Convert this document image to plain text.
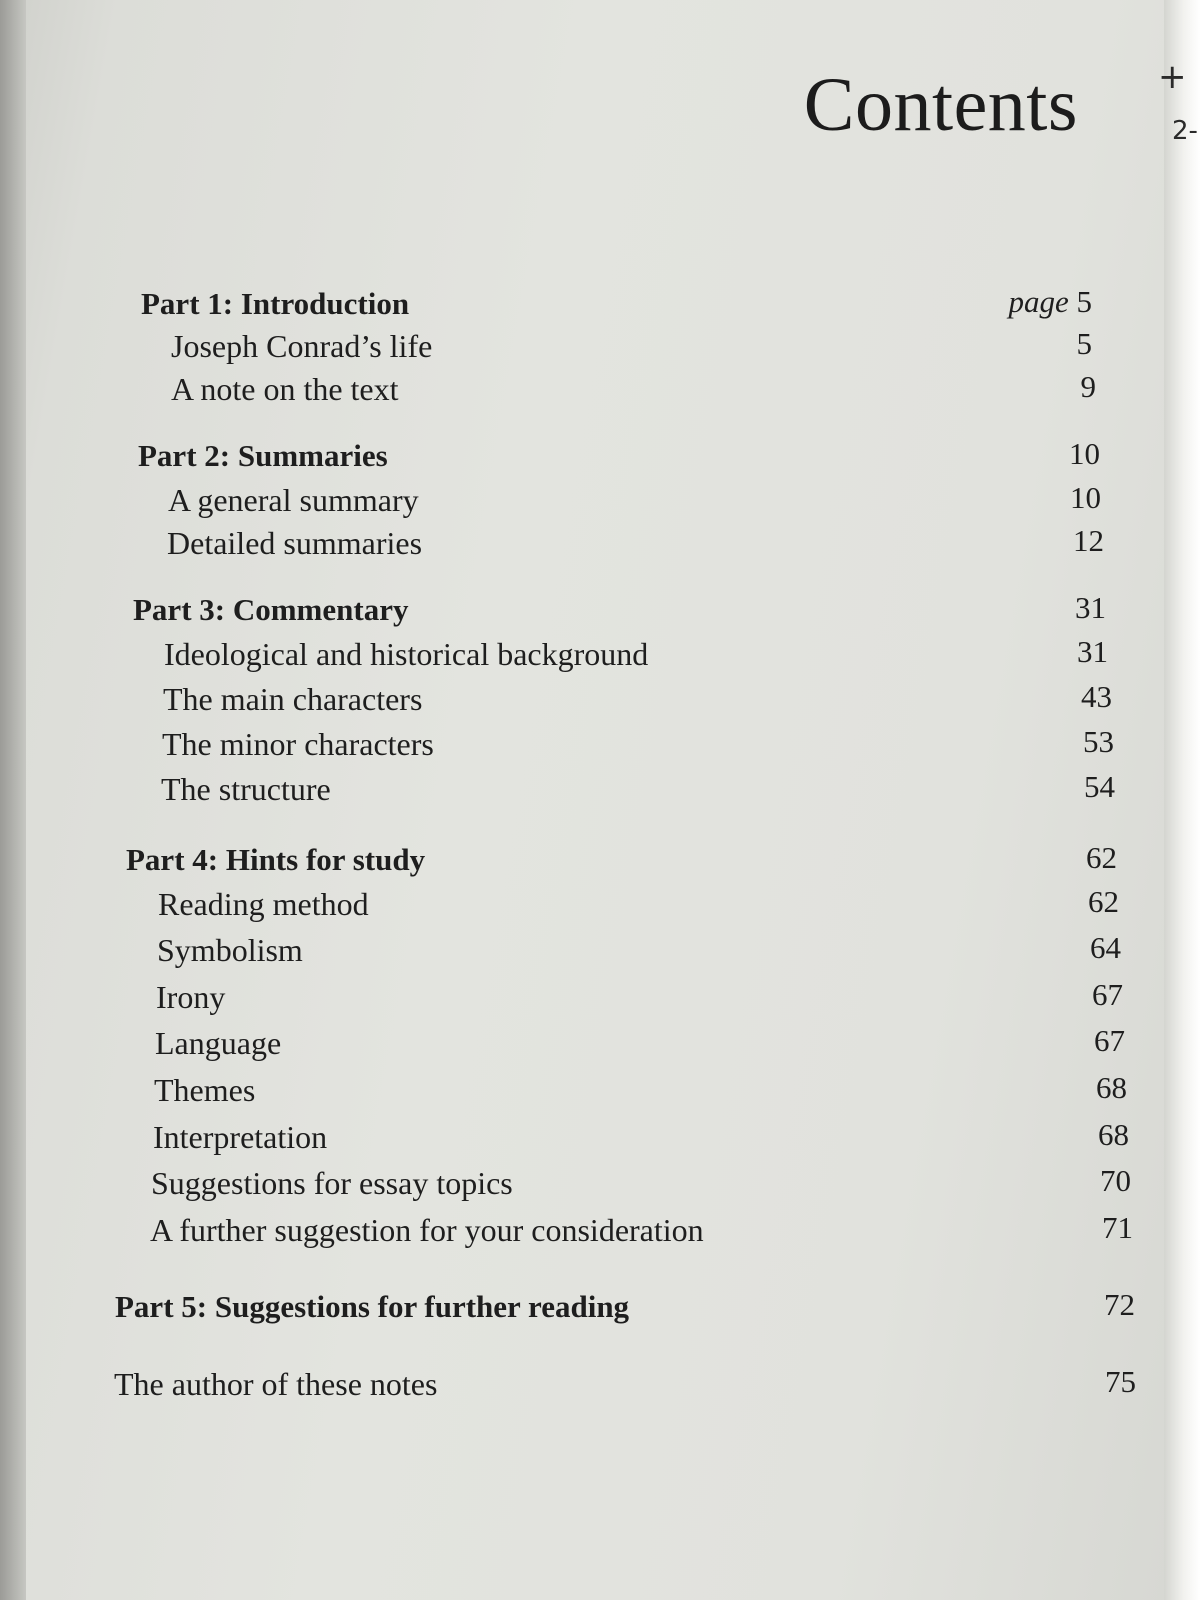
Contents +
2-
Part 1: Introduction	page 5
Joseph Conrad’s life	5
A note on the text	9
Part 2: Summaries	10
A general summary	10
Detailed summaries	12
Part 3: Commentary	31
Ideological and historical background	31
The main characters	43
The minor characters	53
The structure	54
Part 4: Hints for study	62
Reading method	62
Symbolism	64
Irony	67
Language	67
Themes	68
Interpretation	68
Suggestions for essay topics	70
A further suggestion for your consideration	71
Part 5: Suggestions for further reading	72
The author of these notes	75
